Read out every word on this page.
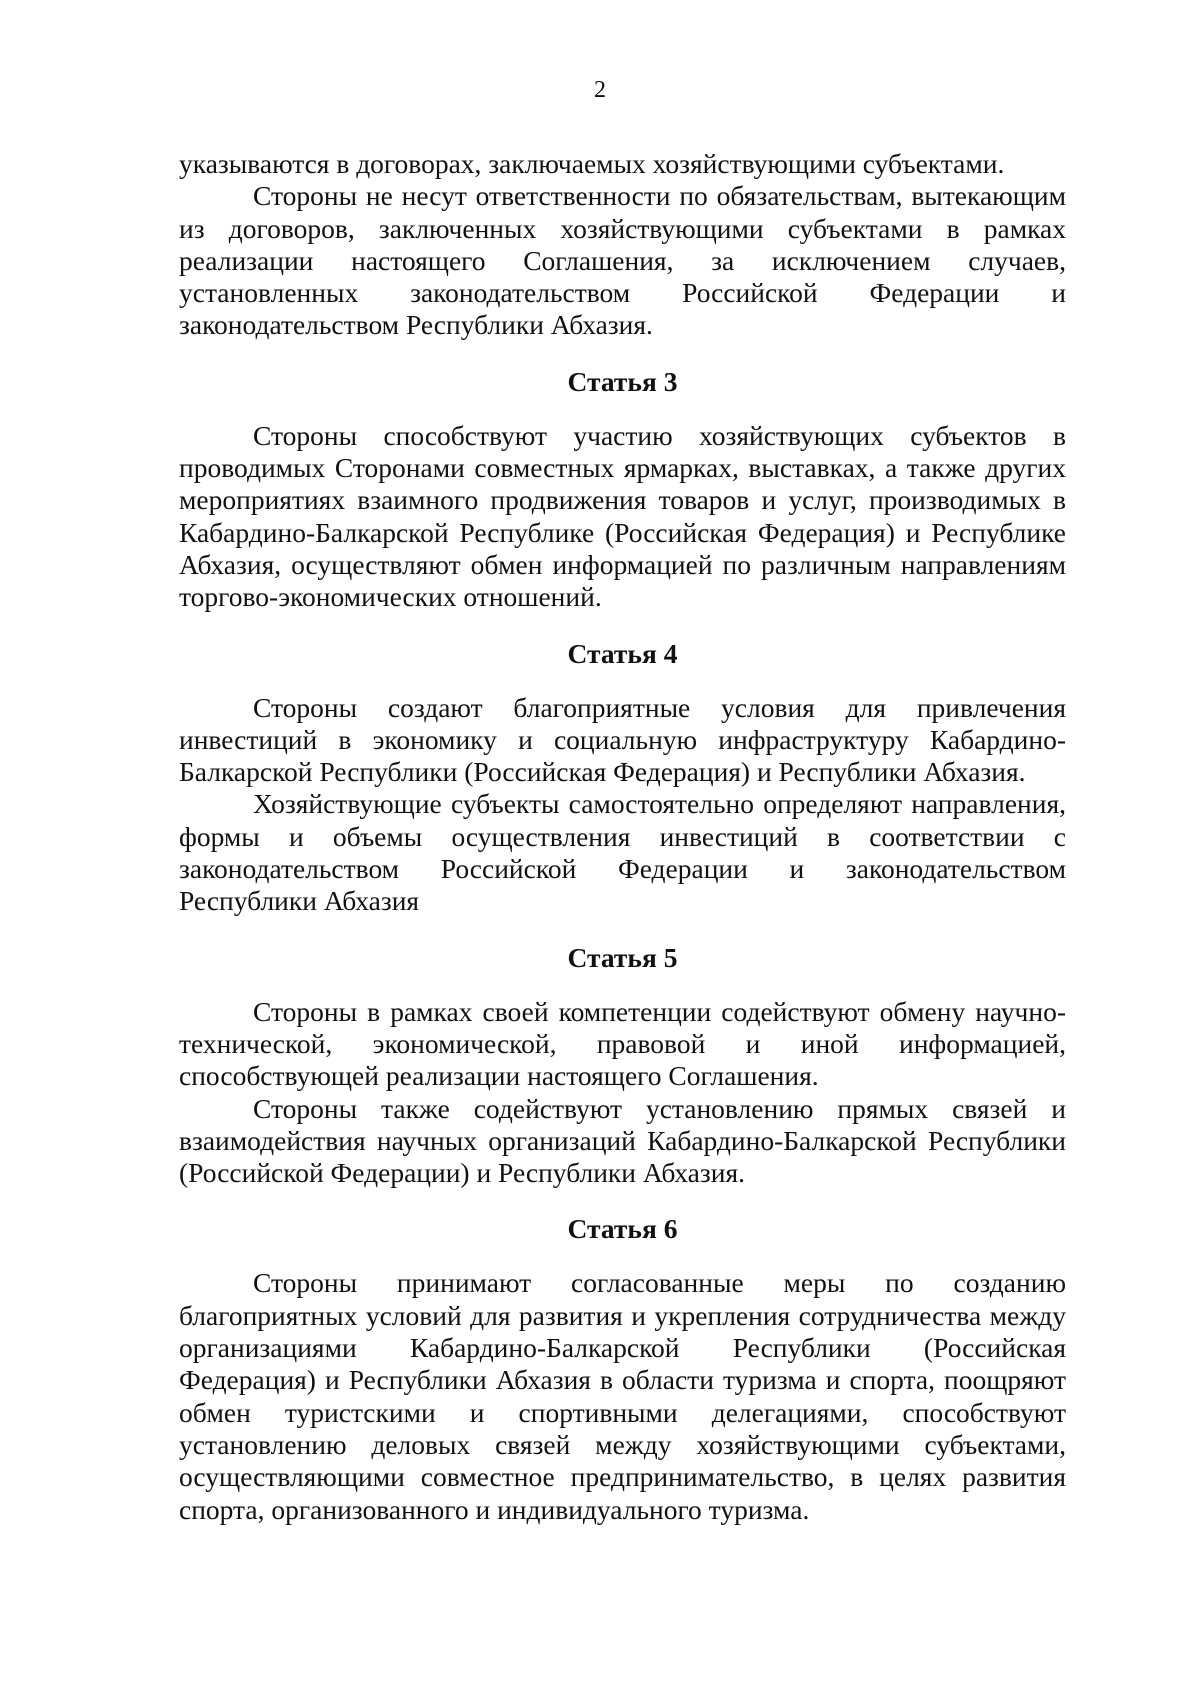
2

указываются в договорах, заключаемых хозяйствующими субъектами.

Стороны не несут ответственности по обязательствам, вытекающим из договоров, заключенных хозяйствующими субъектами в рамках реализации настоящего Соглашения, за исключением случаев, установленных законодательством Российской Федерации и законодательством Республики Абхазия.

Статья 3

Стороны способствуют участию хозяйствующих субъектов в проводимых Сторонами совместных ярмарках, выставках, а также других мероприятиях взаимного продвижения товаров и услуг, производимых в Кабардино-Балкарской Республике (Российская Федерация) и Республике Абхазия, осуществляют обмен информацией по различным направлениям торгово-экономических отношений.

Статья 4

Стороны создают благоприятные условия для привлечения инвестиций в экономику и социальную инфраструктуру Кабардино-Балкарской Республики (Российская Федерация) и Республики Абхазия.

Хозяйствующие субъекты самостоятельно определяют направления, формы и объемы осуществления инвестиций в соответствии с законодательством Российской Федерации и законодательством Республики Абхазия

Статья 5

Стороны в рамках своей компетенции содействуют обмену научно-технической, экономической, правовой и иной информацией, способствующей реализации настоящего Соглашения.

Стороны также содействуют установлению прямых связей и взаимодействия научных организаций Кабардино-Балкарской Республики (Российской Федерации) и Республики Абхазия.

Статья 6

Стороны принимают согласованные меры по созданию благоприятных условий для развития и укрепления сотрудничества между организациями Кабардино-Балкарской Республики (Российская Федерация) и Республики Абхазия в области туризма и спорта, поощряют обмен туристскими и спортивными делегациями, способствуют установлению деловых связей между хозяйствующими субъектами, осуществляющими совместное предпринимательство, в целях развития спорта, организованного и индивидуального туризма.
